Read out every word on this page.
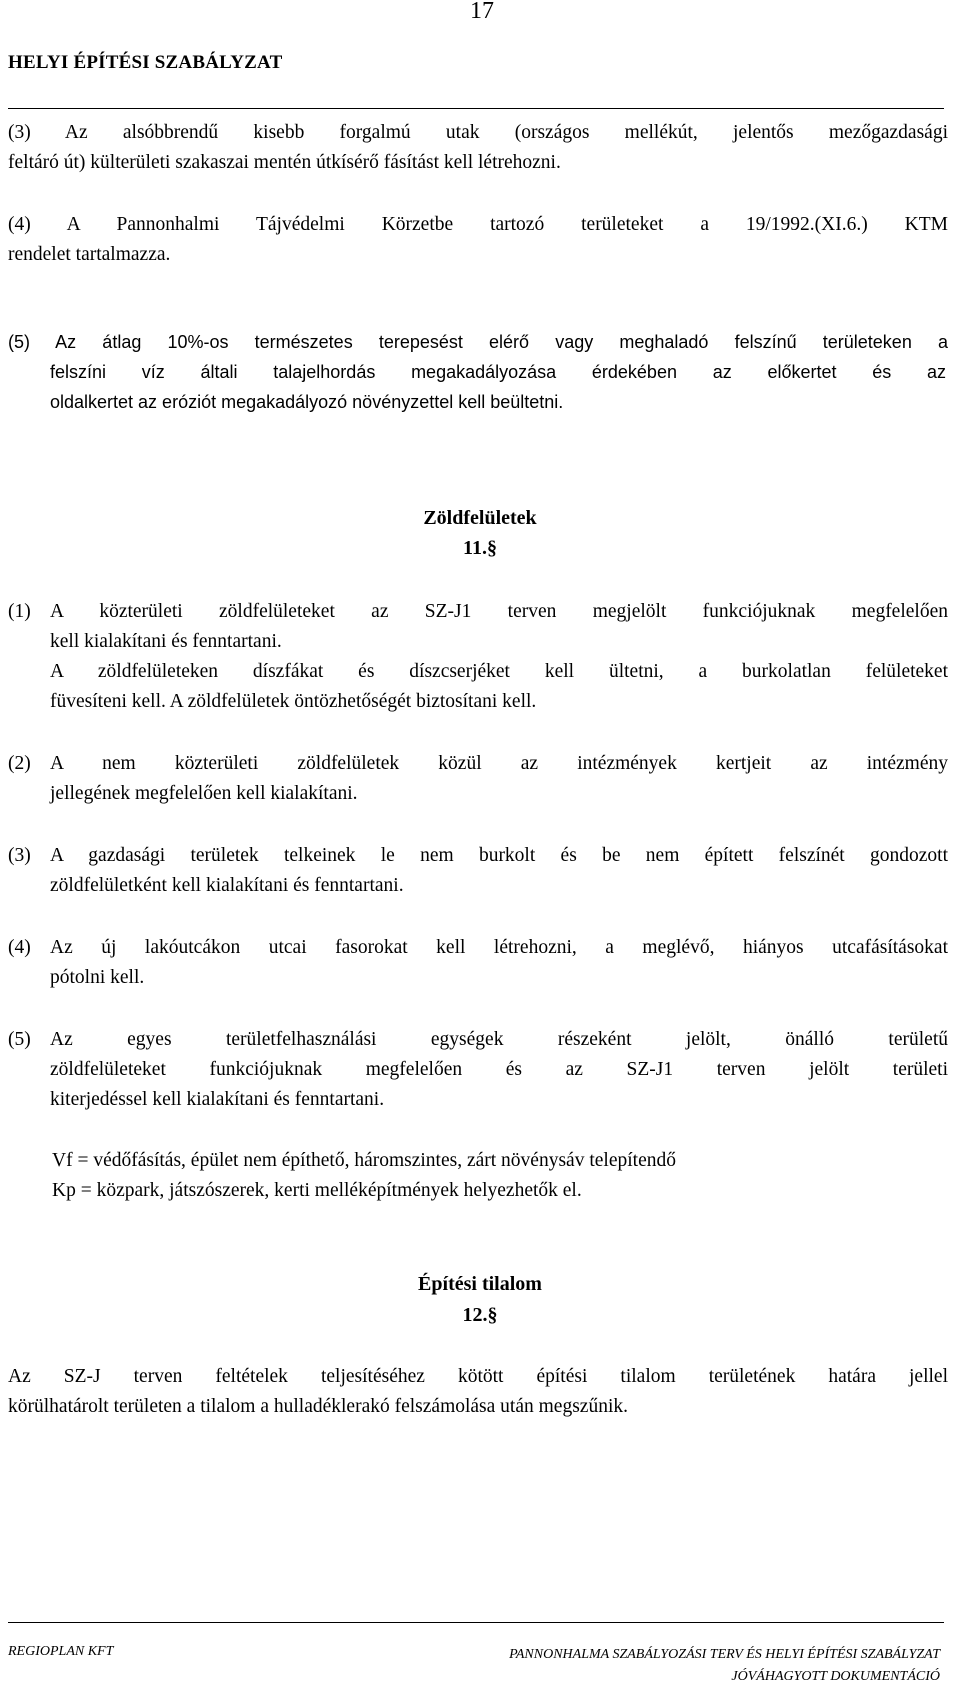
17
HELYI ÉPÍTÉSI SZABÁLYZAT
(3) Az alsóbbrendű kisebb forgalmú utak (országos mellékút, jelentős mezőgazdasági
feltáró út) külterületi szakaszai mentén útkísérő fásítást kell létrehozni.
(4) A Pannonhalmi Tájvédelmi Körzetbe tartozó területeket a 19/1992.(XI.6.) KTM
rendelet tartalmazza.
(5) Az átlag 10%-os természetes terepesést elérő vagy meghaladó felszínű területeken a
felszíni víz általi talajelhordás megakadályozása érdekében az előkertet és az
oldalkertet az eróziót megakadályozó növényzettel kell beültetni.
Zöldfelületek
11.§
(1) A közterületi zöldfelületeket az SZ-J1 terven megjelölt funkciójuknak megfelelően
kell kialakítani és fenntartani.
A zöldfelületeken díszfákat és díszcserjéket kell ültetni, a burkolatlan felületeket
füvesíteni kell. A zöldfelületek öntözhetőségét biztosítani kell.
(2) A nem közterületi zöldfelületek közül az intézmények kertjeit az intézmény
jellegének megfelelően kell kialakítani.
(3) A gazdasági területek telkeinek le nem burkolt és be nem épített felszínét gondozott
zöldfelületként kell kialakítani és fenntartani.
(4) Az új lakóutcákon utcai fasorokat kell létrehozni, a meglévő, hiányos utcafásításokat
pótolni kell.
(5) Az egyes területfelhasználási egységek részeként jelölt, önálló területű
zöldfelületeket funkciójuknak megfelelően és az SZ-J1 terven jelölt területi
kiterjedéssel kell kialakítani és fenntartani.
Vf = védőfásítás, épület nem építhető, háromszintes, zárt növénysáv telepítendő
Kp = közpark, játszószerek, kerti melléképítmények helyezhetők el.
Építési tilalom
12.§
Az SZ-J terven feltételek teljesítéséhez kötött építési tilalom területének határa jellel
körülhatárolt területen a tilalom a hulladéklerakó felszámolása után megszűnik.
REGIOPLAN KFT	PANNONHALMA SZABÁLYOZÁSI TERV ÉS HELYI ÉPÍTÉSI SZABÁLYZAT
JÓVÁHAGYOTT DOKUMENTÁCIÓ
